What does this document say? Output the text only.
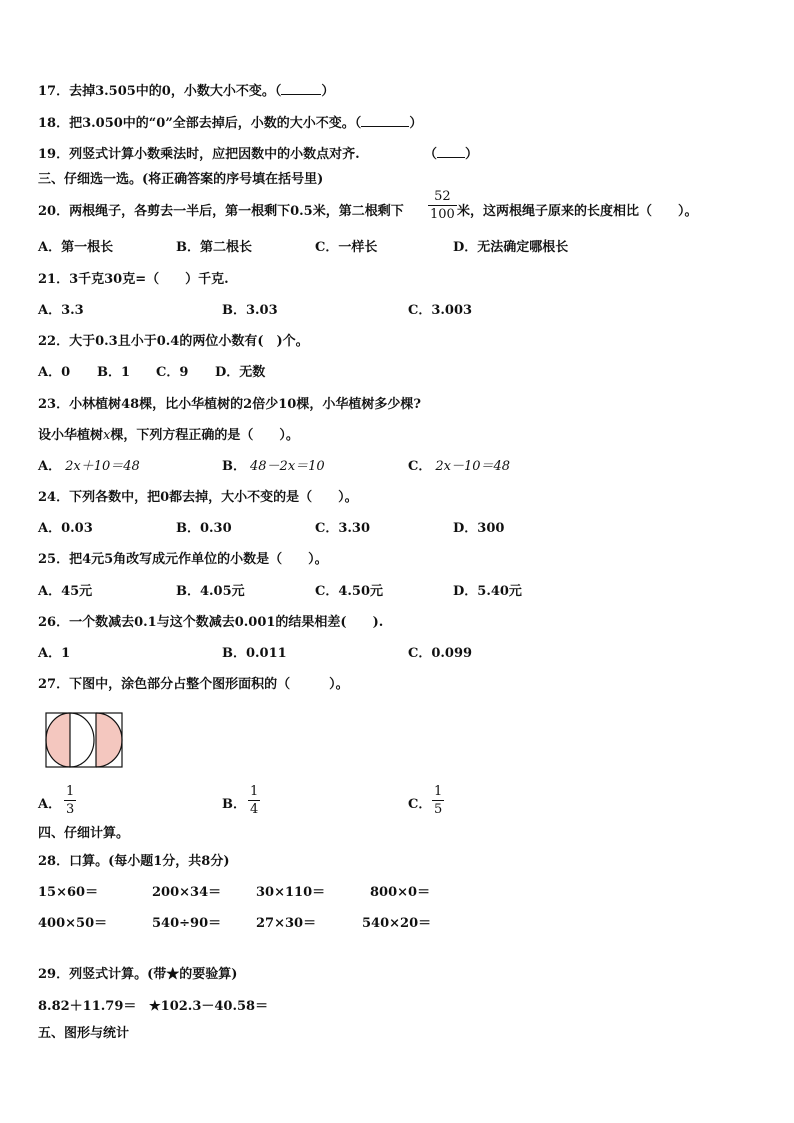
17．去掉3.505中的0，小数大小不变。（	）
18．把3.050中的“0”全部去掉后，小数的大小不变。（	）
19．列竖式计算小数乘法时，应把因数中的小数点对齐.	（ ）
三、仔细选一选。(将正确答案的序号填在括号里)
20．两根绳子，各剪去一半后，第一根剩下0.5米，第二根剩下
52
100 米，这两根绳子原来的长度相比（　　）。
A．第一根长	B．第二根长	C．一样长	D．无法确定哪根长
21．3千克30克=（　　）千克.
A．3.3	B．3.03	C．3.003
22．大于0.3且小于0.4的两位小数有(　)个。
A．0 B．1 C．9 D．无数
23．小林植树48棵，比小华植树的2倍少10棵，小华植树多少棵?
设小华植树x棵，下列方程正确的是（　　）。
A． 2x＋10＝48	B． 48－2x＝10	C． 2x－10＝48
24．下列各数中，把0都去掉，大小不变的是（　　）。
A．0.03	B．0.30	C．3.30	D．300
25．把4元5角改写成元作单位的小数是（　　）。
A．45元	B．4.05元	C．4.50元	D．5.40元
26．一个数减去0.1与这个数减去0.001的结果相差(　　).
A．1	B．0.011	C．0.099
27．下图中，涂色部分占整个图形面积的（　　　）。
A．
1
3	B．
1
4	C．
1
5
四、仔细计算。
28．口算。(每小题1分，共8分)
15×60＝	200×34＝	30×110＝	800×0＝
400×50＝	540÷90＝	27×30＝	540×20＝
29．列竖式计算。(带★的要验算)
8.82＋11.79＝ ★102.3－40.58＝
五、图形与统计
